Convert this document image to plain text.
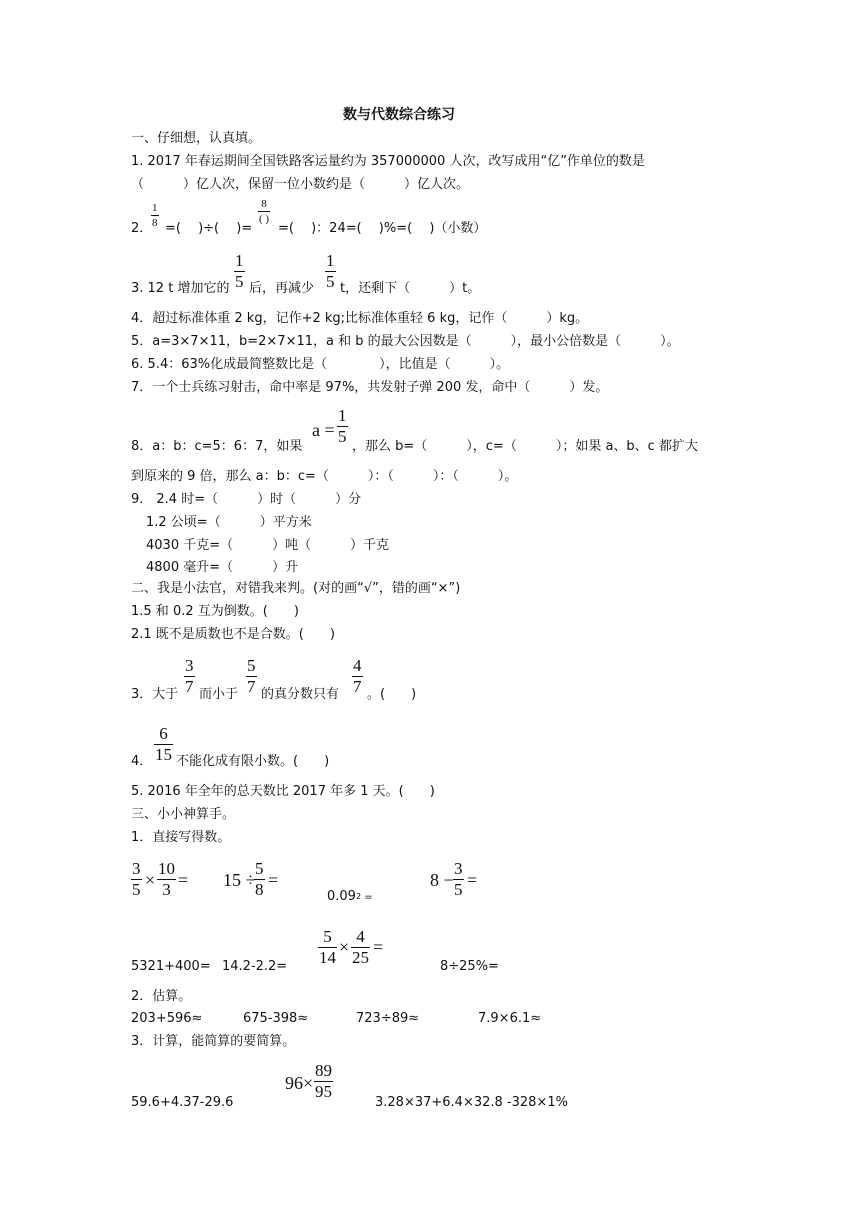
数与代数综合练习
一、仔细想，认真填。
1. 2017 年春运期间全国铁路客运量约为 357000000 人次，改写成用“亿”作单位的数是
（　　　）亿人次，保留一位小数约是（　　　）亿人次。
2．
1
8 =(　 )÷(　 )=
8
( )
=(　 )：24=(　 )%=(　 )（小数）
3. 12 t 增加它的
1
5 后，再减少
1
5 t，还剩下（　　　）t。
4．超过标准体重 2 kg，记作+2 kg;比标准体重轻 6 kg，记作（　　　）kg。
5．a=3×7×11，b=2×7×11，a 和 b 的最大公因数是（　　　），最小公倍数是（　　　）。
6. 5.4：63%化成最简整数比是（　　　　），比值是（　　　）。
7．一个士兵练习射击，命中率是 97%，共发射子弹 200 发，命中（　　　）发。
8．a：b：c=5：6：7，如果
a =
1
5
，那么 b=（　　　），c=（　　　）；如果 a、b、c 都扩大
到原来的 9 倍，那么 a：b：c=（　　　）：（　　　）：（　　　）。
9.　2.4 时=（　　　）时（　　　）分
1.2 公顷=（　　　）平方米
4030 千克=（　　　）吨（　　　）千克
4800 毫升=（　　　）升
二、我是小法官，对错我来判。(对的画“√”，错的画“×”)
1.5 和 0.2 互为倒数。(　　)
2.1 既不是质数也不是合数。(　　)
3．大于
3
7 而小于
5
7 的真分数只有
4
7 。(　　)
4．
6
15 不能化成有限小数。(　　)
5. 2016 年全年的总天数比 2017 年多 1 天。(　　)
三、小小神算手。
1．直接写得数。
3
5 ×
10
3 = 15 ÷
5
8 =
$0.09^2$ =
8 −
3
5 =
5321+400= 14.2-2.2=
5
14
×
4
25
=
8÷25%=
2．估算。
203+596≈	675-398≈	723÷89≈	7.9×6.1≈
3．计算，能简算的要简算。
59.6+4.37-29.6
96×
89
95
3.28×37+6.4×32.8 -328×1%
